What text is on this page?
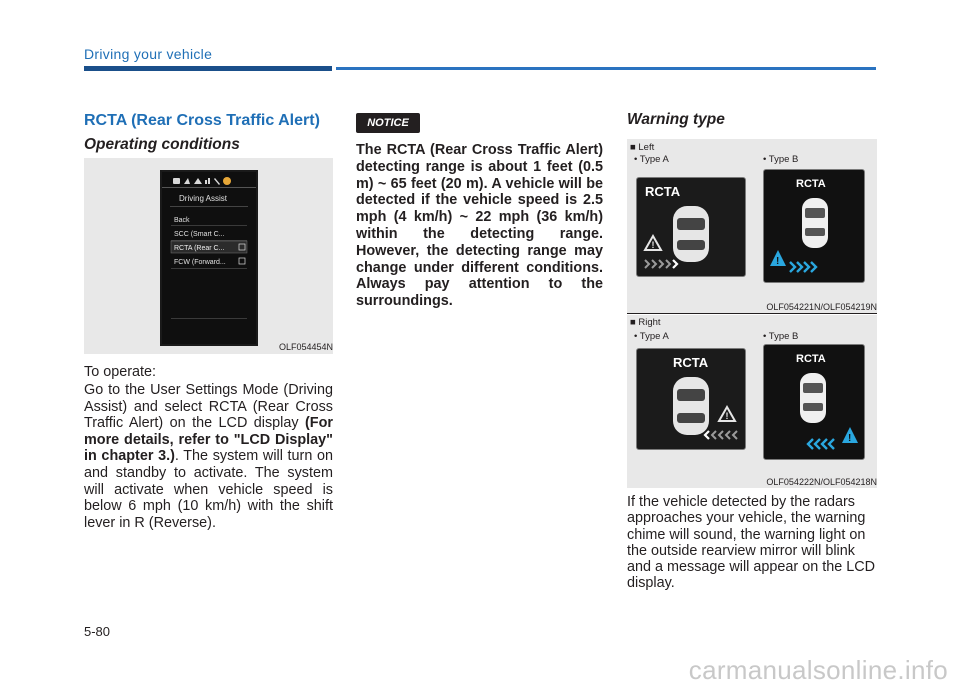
Driving your vehicle
RCTA (Rear Cross Traffic Alert)
Operating conditions
Driving Assist
Back
SCC (Smart C...
RCTA (Rear C...
FCW (Forward...
OLF054454N
To operate:
Go to the User Settings Mode (Driving Assist) and select RCTA (Rear Cross Traffic Alert) on the LCD display (For more details, refer to "LCD Display" in chapter 3.). The system will turn on and standby to activate. The system will activate when vehicle speed is below 6 mph (10 km/h) with the shift lever in R (Reverse).
NOTICE
The RCTA (Rear Cross Traffic Alert) detecting range is about 1 feet (0.5 m) ~ 65 feet (20 m). A vehicle will be detected if the vehicle speed is 2.5 mph (4 km/h) ~ 22 mph (36 km/h) within the detecting range. However, the detecting range may change under different conditions. Always pay attention to the surroundings.
Warning type
■ Left
• Type A	• Type B
RCTA
!
RCTA
!
OLF054221N/OLF054219N
■ Right
• Type A	• Type B
RCTA
!
RCTA
!
OLF054222N/OLF054218N
If the vehicle detected by the radars approaches your vehicle, the warning chime will sound, the warning light on the outside rearview mirror will blink and a message will appear on the LCD display.
5-80
carmanualsonline.info
